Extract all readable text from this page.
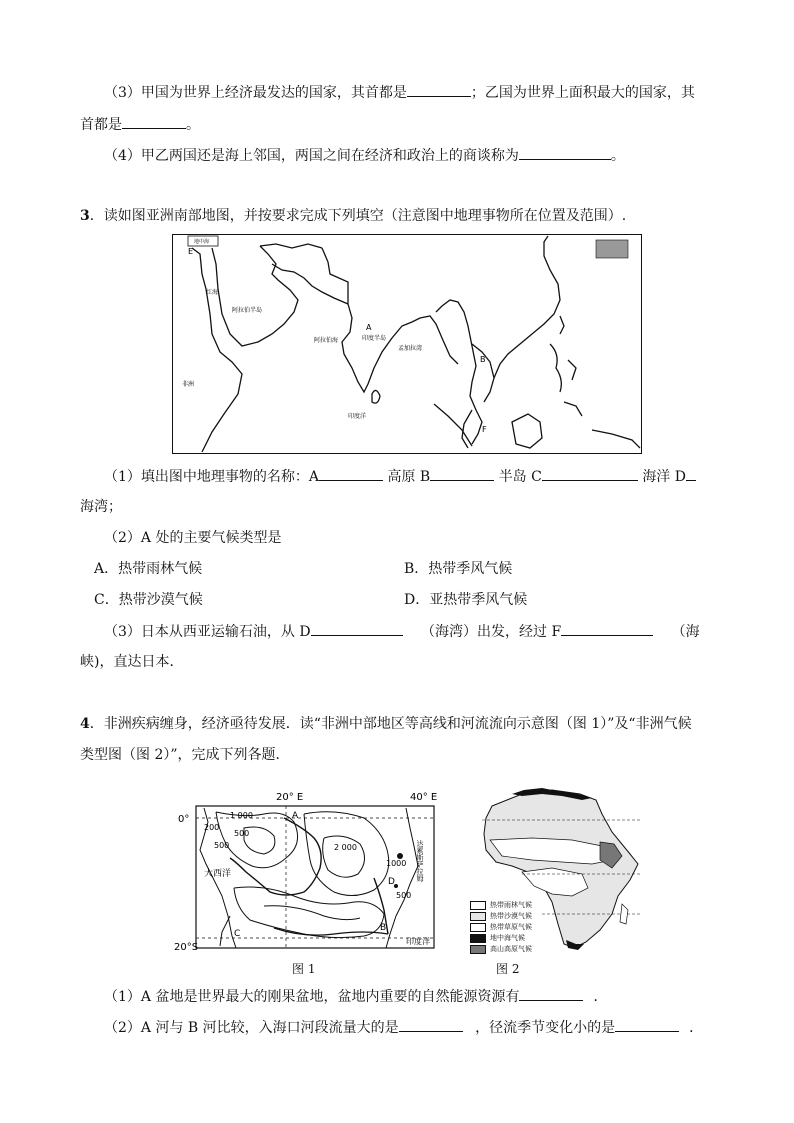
（3）甲国为世界上经济最发达的国家，其首都是	；乙国为世界上面积最大的国家，其
首都是	。
（4）甲乙两国还是海上邻国，两国之间在经济和政治上的商谈称为	。
3．读如图亚洲南部地图，并按要求完成下列填空（注意图中地理事物所在位置及范围）.
地中海
E
红海
阿拉伯半岛
阿拉伯海
A
印度半岛
孟加拉湾
B
非洲
印度洋
F
（1）填出图中地理事物的名称：A	高原 B	半岛 C	海洋 D
海湾；
（2）A 处的主要气候类型是
A．热带雨林气候	B．热带季风气候
C．热带沙漠气候	D．亚热带季风气候
（3）日本从西亚运输石油，从 D	（海湾）出发，经过 F	（海
峡)，直达日本．
4．非洲疾病缠身，经济亟待发展．读“非洲中部地区等高线和河流流向示意图（图 1）”及“非洲气候
类型图（图 2）”，完成下列各题．
20° E	40° E
0°
20°S
1 000
500
200
500	2 000
1000
500
A
B
C
D
大西洋
印度洋
达累斯萨拉姆
图 1
热带雨林气候
热带沙漠气候
热带草原气候
地中海气候
高山高原气候
图 2
（1）A 盆地是世界最大的刚果盆地，盆地内重要的自然能源资源有	．
（2）A 河与 B 河比较，入海口河段流量大的是	，径流季节变化小的是	．
